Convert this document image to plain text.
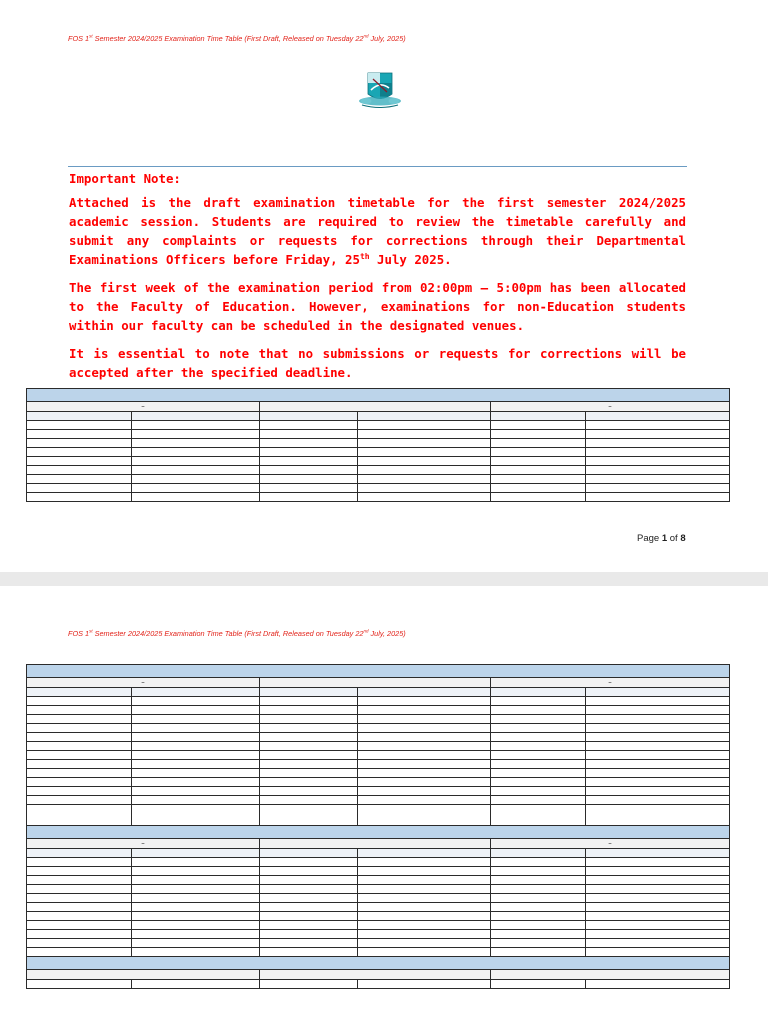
FOS 1st Semester 2024/2025 Examination Time Table (First Draft, Released on Tuesday 22nd July, 2025)

Important Note:

Attached is the draft examination timetable for the first semester 2024/2025 academic session. Students are required to review the timetable carefully and submit any complaints or requests for corrections through their Departmental Examinations Officers before Friday, 25th July 2025.

The first week of the examination period from 02:00pm – 5:00pm has been allocated to the Faculty of Education. However, examinations for non-Education students within our faculty can be scheduled in the designated venues.

It is essential to note that no submissions or requests for corrections will be accepted after the specified deadline.

–				–	

Page 1 of 8
FOS 1st Semester 2024/2025 Examination Time Table (First Draft, Released on Tuesday 22nd July, 2025)

–				–	

–				–	
